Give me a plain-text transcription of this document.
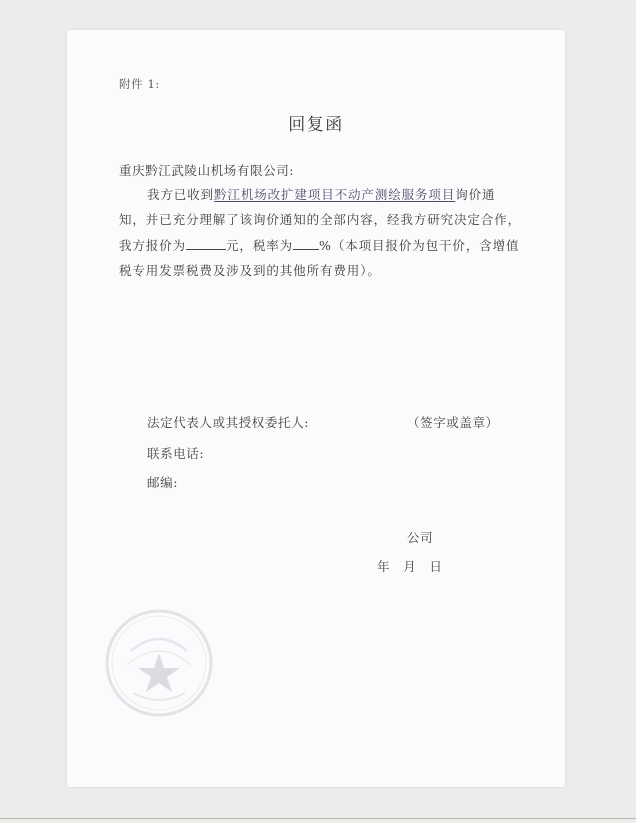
附件 1:
回复函
重庆黔江武陵山机场有限公司:
我方已收到黔江机场改扩建项目不动产测绘服务项目询价通
知，并已充分理解了该询价通知的全部内容，经我方研究决定合作，
我方报价为	元，税率为 %（本项目报价为包干价，含增值
税专用发票税费及涉及到的其他所有费用）。
法定代表人或其授权委托人:	（签字或盖章）
联系电话:
邮编:
公司
年　月　日
